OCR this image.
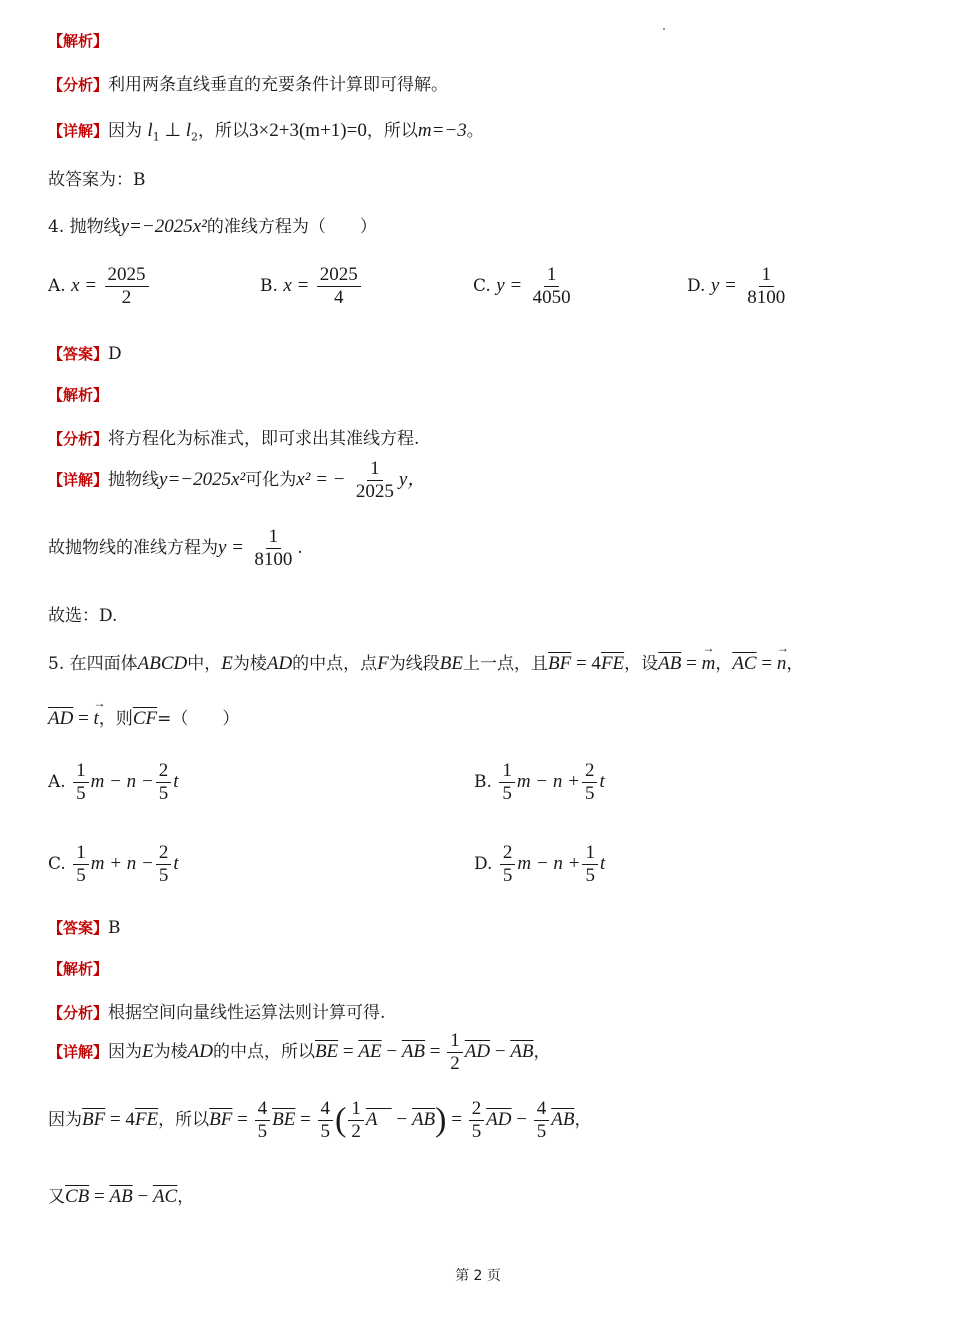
【解析】
【分析】利用两条直线垂直的充要条件计算即可得解。
【详解】因为 $l_1$ ⊥ $l_2$，所以3×2+3(m+1)=0，所以m=−3。
故答案为：B
4. 抛物线y=−2025x²的准线方程为（　　）
A. $x = \frac{2025}{2}$	B. $x = \frac{2025}{4}$	C. $y = \frac{1}{4050}$	D. $y = \frac{1}{8100}$
【答案】D
【解析】
【分析】将方程化为标准式，即可求出其准线方程.
【详解】抛物线y=−2025x²可化为x² = − $\frac{1}{2025}$ y，
故抛物线的准线方程为$y = \frac{1}{8100}$ .
故选：D.
5. 在四面体ABCD中，E为棱AD的中点，点F为线段BE上一点，且$\overline{BF} = 4\overline{FE}$，设$\overline{AB}$ = → m，$\overline{AC}$ = → n，
$\overline{AD}$ = → t，则$\overline{CF}=$（　　）
A. $\frac{1}{5}$ $m - n - \frac{2}{5}$ t	B. $\frac{1}{5}$ $m - n + \frac{2}{5}$ t
C. $\frac{1}{5}$ $m + n - \frac{2}{5}$ t	D. $\frac{2}{5}$ $m - n + \frac{1}{5}$ t
【答案】B
【解析】
【分析】根据空间向量线性运算法则计算可得.
【详解】因为E为棱AD的中点，所以$\overline{BE} = \overline{AE} - \overline{AB} = \frac{1}{2} \overline{AD} - \overline{AB}$，
因为$\overline{BF} = 4\overline{FE}$，所以$\overline{BF} = \frac{4}{5} \overline{BE} = \frac{4}{5}$ ( $\frac{1}{2}$ A    − $\overline{AB}) = \frac{2}{5} \overline{AD} - \frac{4}{5} \overline{AB}$，
又$\overline{CB} = \overline{AB} - \overline{AC}$，
第 2 页
